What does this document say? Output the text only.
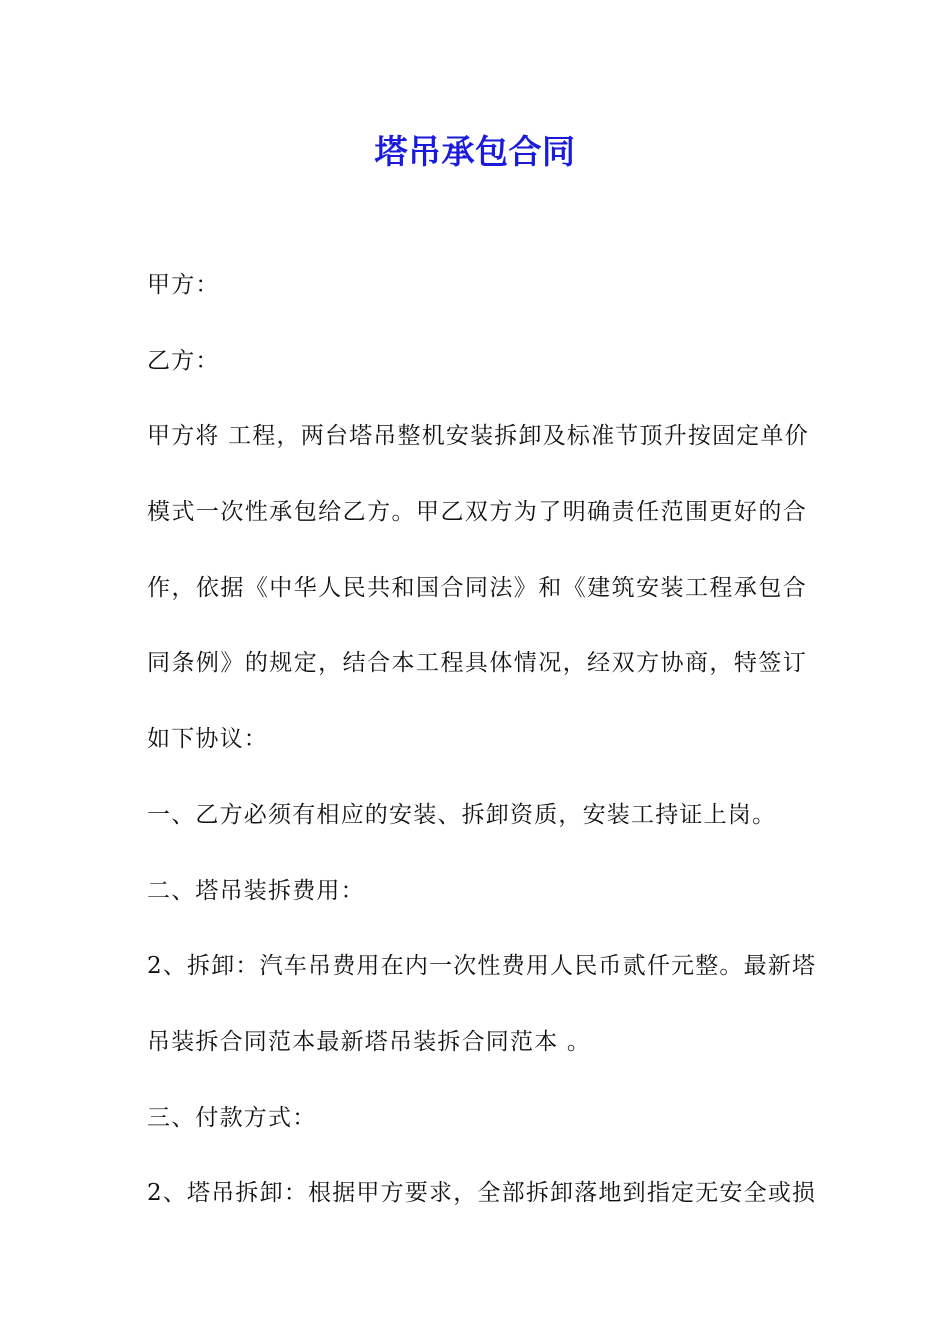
塔吊承包合同
甲方：
乙方：
甲方将 工程，两台塔吊整机安装拆卸及标准节顶升按固定单价
模式一次性承包给乙方。甲乙双方为了明确责任范围更好的合
作，依据《中华人民共和国合同法》和《建筑安装工程承包合
同条例》的规定，结合本工程具体情况，经双方协商，特签订
如下协议：
一、乙方必须有相应的安装、拆卸资质，安装工持证上岗。
二、塔吊装拆费用：
2、拆卸：汽车吊费用在内一次性费用人民币贰仟元整。最新塔
吊装拆合同范本最新塔吊装拆合同范本 。
三、付款方式：
2、塔吊拆卸：根据甲方要求，全部拆卸落地到指定无安全或损
